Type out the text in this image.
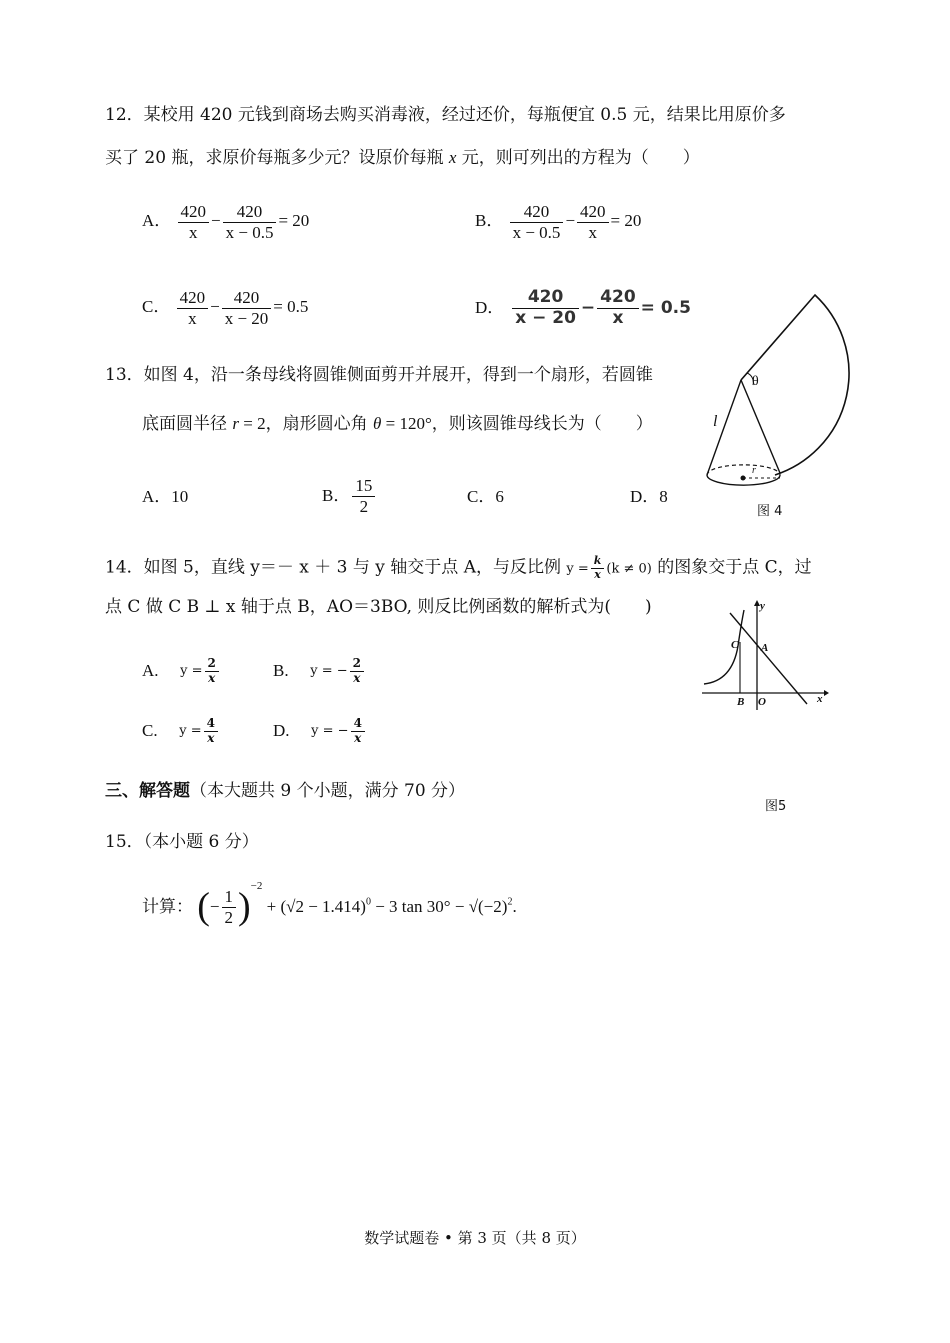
12．某校用 420 元钱到商场去购买消毒液，经过还价，每瓶便宜 0.5 元，结果比用原价多
买了 20 瓶，求原价每瓶多少元？设原价每瓶 x 元，则可列出的方程为（　　）
A． $\frac{420}{x} - \frac{420}{x - 0.5} = 20$	B． $\frac{420}{x - 0.5} - \frac{420}{x} = 20$
C． $\frac{420}{x} - \frac{420}{x - 20} = 0.5$	D． $\frac{420}{x - 20} - \frac{420}{x} = 0.5$
13．如图 4，沿一条母线将圆锥侧面剪开并展开，得到一个扇形，若圆锥
底面圆半径 r = 2，扇形圆心角 θ = 120°，则该圆锥母线长为（　　）
A．10	B． $\frac{15}{2}$	C．6	D．8
θ
l
r
图 4
14．如图 5，直线 y＝－ x ＋ 3 与 y 轴交于点 A，与反比例 $y = \frac{k}{x} (k \ne 0)$ 的图象交于点 C，过
点 C 做 C B ⊥ x 轴于点 B，AO＝3BO, 则反比例函数的解析式为(　　)
A. $y = \frac{2}{x}$	B. y = − $\frac{2}{x}$
C. $y = \frac{4}{x}$	D. y = − $\frac{4}{x}$
y
x
C A
B O
图5
三、解答题（本大题共 9 个小题，满分 70 分）
15．（本小题 6 分）
计算： (− $\frac{1}{2} )^{-2} + (√2 - 1.414)^0 - 3$ $\tan 30^\circ - √(-2)^2$.
数学试题卷 • 第 3 页（共 8 页）
